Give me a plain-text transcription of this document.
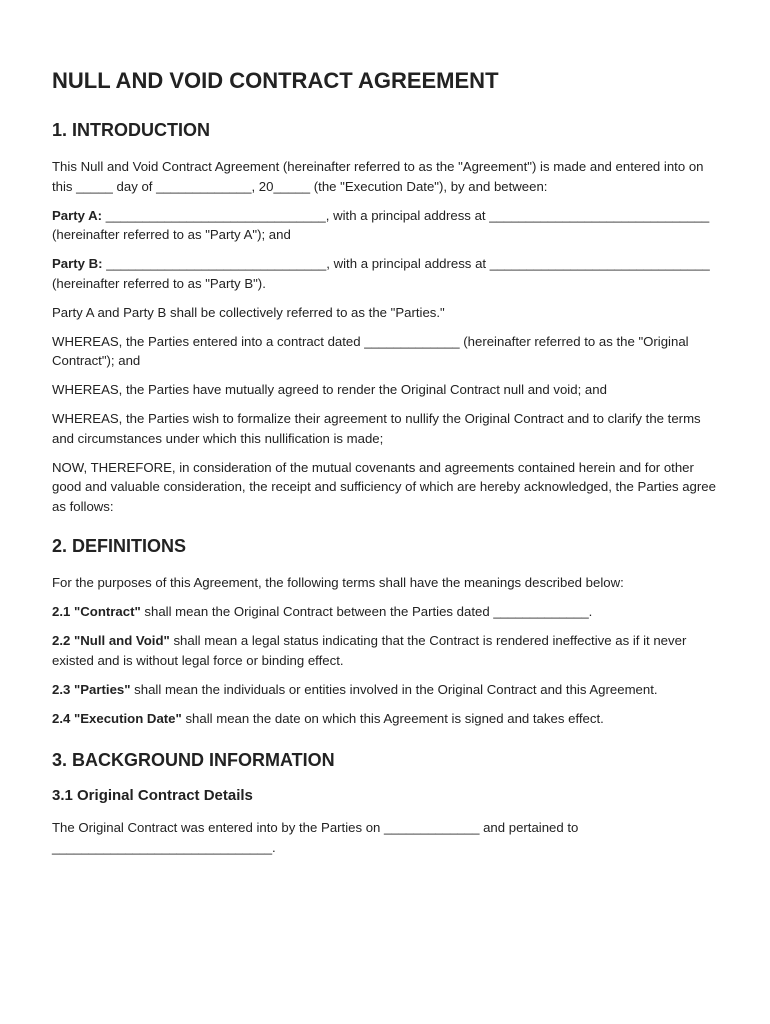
NULL AND VOID CONTRACT AGREEMENT
1. INTRODUCTION

This Null and Void Contract Agreement (hereinafter referred to as the "Agreement") is made and entered into on this _____ day of _____________, 20_____ (the "Execution Date"), by and between:

Party A: ______________________________, with a principal address at ______________________________ (hereinafter referred to as "Party A"); and

Party B: ______________________________, with a principal address at ______________________________ (hereinafter referred to as "Party B").

Party A and Party B shall be collectively referred to as the "Parties."

WHEREAS, the Parties entered into a contract dated _____________ (hereinafter referred to as the "Original Contract"); and

WHEREAS, the Parties have mutually agreed to render the Original Contract null and void; and

WHEREAS, the Parties wish to formalize their agreement to nullify the Original Contract and to clarify the terms and circumstances under which this nullification is made;

NOW, THEREFORE, in consideration of the mutual covenants and agreements contained herein and for other good and valuable consideration, the receipt and sufficiency of which are hereby acknowledged, the Parties agree as follows:

2. DEFINITIONS

For the purposes of this Agreement, the following terms shall have the meanings described below:

2.1 "Contract" shall mean the Original Contract between the Parties dated _____________.

2.2 "Null and Void" shall mean a legal status indicating that the Contract is rendered ineffective as if it never existed and is without legal force or binding effect.

2.3 "Parties" shall mean the individuals or entities involved in the Original Contract and this Agreement.

2.4 "Execution Date" shall mean the date on which this Agreement is signed and takes effect.

3. BACKGROUND INFORMATION
3.1 Original Contract Details

The Original Contract was entered into by the Parties on _____________ and pertained to ______________________________.
